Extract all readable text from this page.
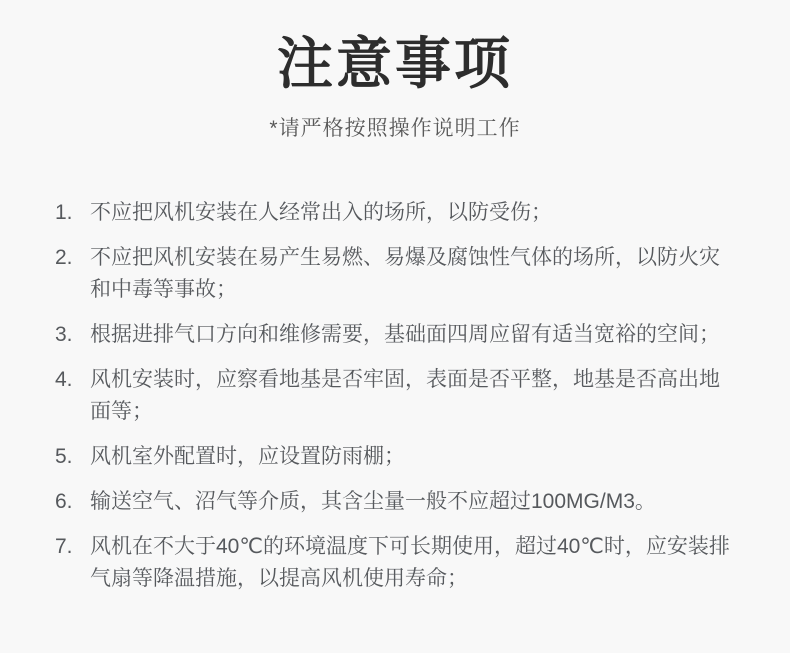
注意事项

*请严格按照操作说明工作

1. 不应把风机安装在人经常出入的场所，以防受伤；
2. 不应把风机安装在易产生易燃、易爆及腐蚀性气体的场所，以防火灾和中毒等事故；
3. 根据进排气口方向和维修需要，基础面四周应留有适当宽裕的空间；
4. 风机安装时，应察看地基是否牢固，表面是否平整，地基是否高出地面等；
5. 风机室外配置时，应设置防雨棚；
6. 输送空气、沼气等介质，其含尘量一般不应超过100MG/M3。
7. 风机在不大于40℃的环境温度下可长期使用，超过40℃时，应安装排气扇等降温措施，以提高风机使用寿命；
